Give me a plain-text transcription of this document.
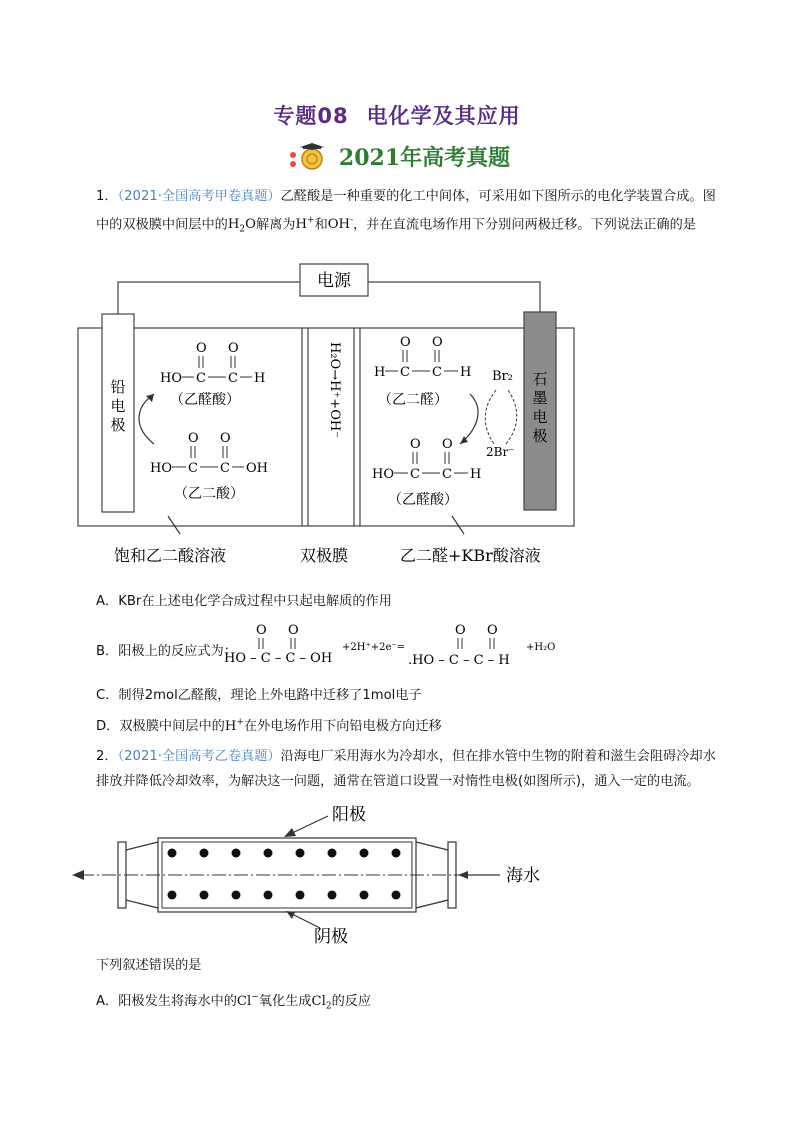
专题08 电化学及其应用
2021年高考真题
1．（2021·全国高考甲卷真题）乙醛酸是一种重要的化工中间体，可采用如下图所示的电化学装置合成。图
中的双极膜中间层中的$H_2O$解离为H+和OH-，并在直流电场作用下分别问两极迁移。下列说法正确的是
电源
H₂O→H⁺+OH⁻
铅
电
极
石
墨
电
极
HO C C H
O O
（乙醛酸）
HO C C OH
O O
（乙二酸）
H C C H
O O
（乙二醛）
Br₂
2Br⁻
HO C C H
O O
（乙醛酸）
饱和乙二酸溶液	双极膜	乙二醛+KBr酸溶液
A．KBr在上述电化学合成过程中只起电解质的作用
B．阳极上的反应式为：
HO – C – C – OH
O O
+2H⁺+2e⁻=
.HO – C – C – H
O O
+H₂O
C．制得2mol乙醛酸，理论上外电路中迁移了1mol电子
D．双极膜中间层中的H+在外电场作用下向铅电极方向迁移
2．（2021·全国高考乙卷真题）沿海电厂采用海水为冷却水，但在排水管中生物的附着和滋生会阻碍冷却水
排放并降低冷却效率，为解决这一问题，通常在管道口设置一对惰性电极(如图所示)，通入一定的电流。
阳极
海水
阴极
下列叙述错误的是
A．阳极发生将海水中的Cl−氧化生成$Cl_2$的反应
